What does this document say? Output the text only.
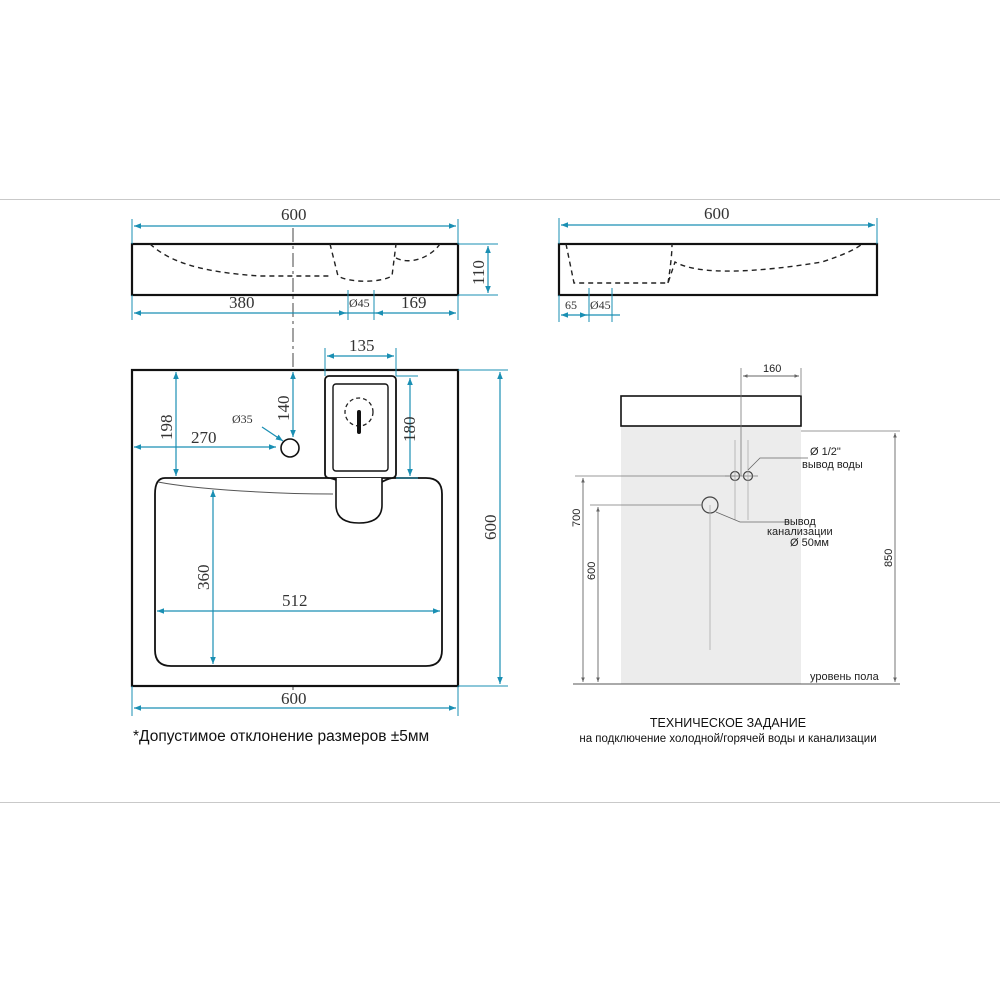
600
110
380	Ø45 169
600
65 Ø45
135
198 270
Ø35 140
180
600
360
512
600
160
Ø 1/2"
вывод воды
вывод
канализации
Ø 50мм
700
600
850
уровень пола
*Допустимое отклонение размеров ±5мм
ТЕХНИЧЕСКОЕ ЗАДАНИЕ
на подключение холодной/горячей воды и канализации
